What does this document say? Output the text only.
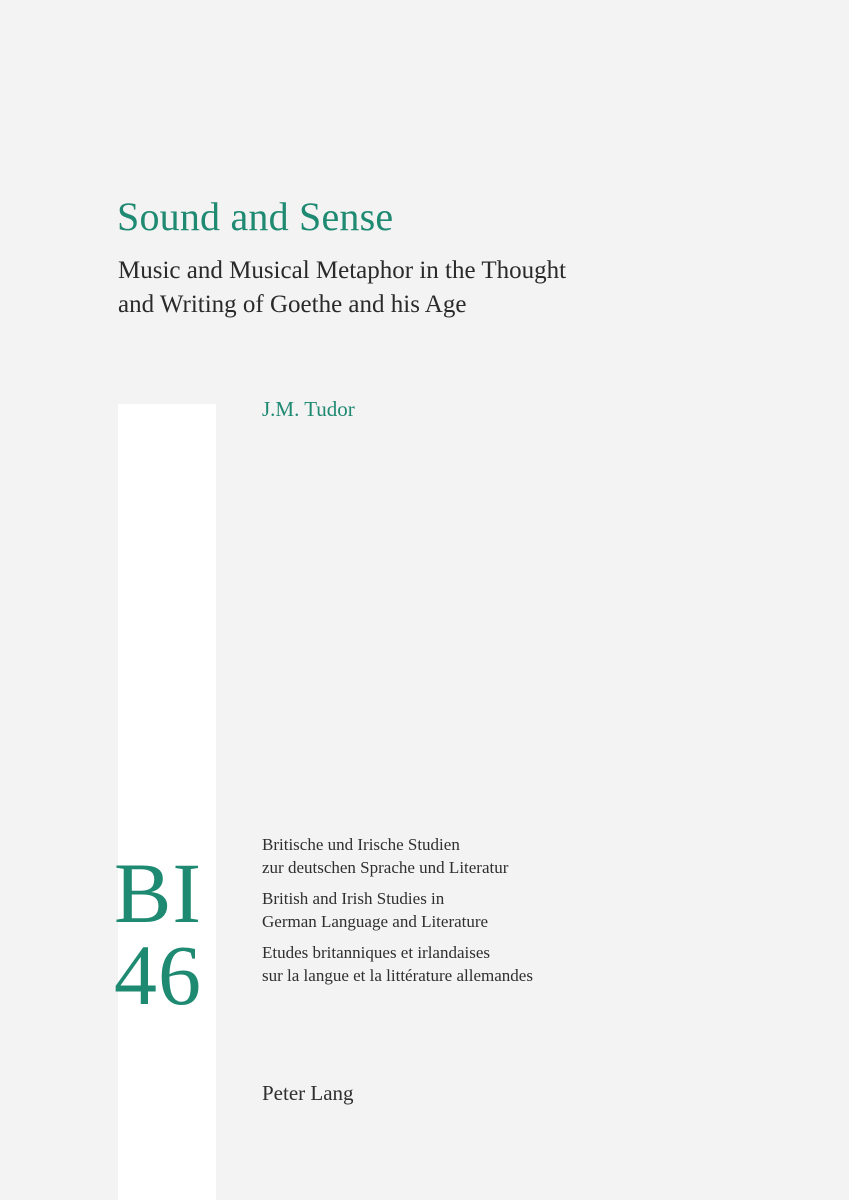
Sound and Sense
Music and Musical Metaphor in the Thought
and Writing of Goethe and his Age
J.M. Tudor
BI
46
Britische und Irische Studien
zur deutschen Sprache und Literatur
British and Irish Studies in
German Language and Literature
Etudes britanniques et irlandaises
sur la langue et la littérature allemandes
Peter Lang
